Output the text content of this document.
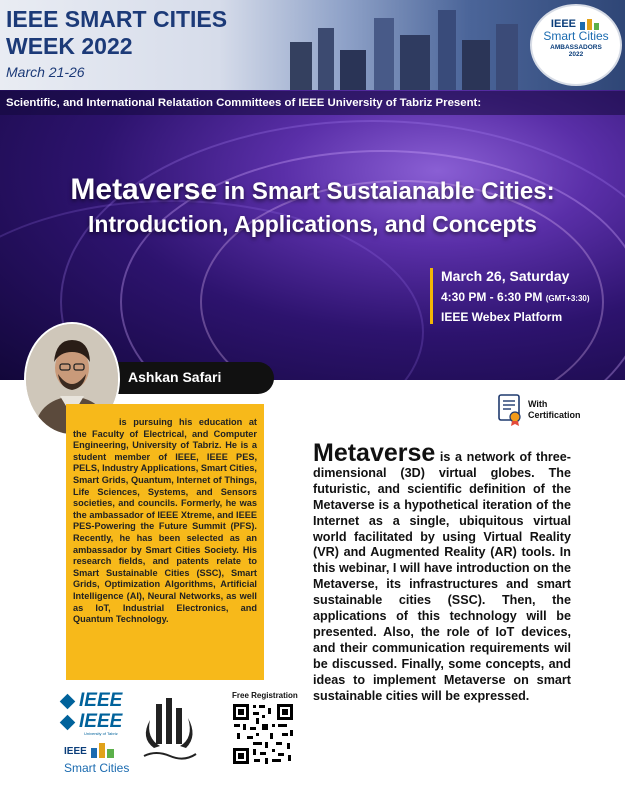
IEEE SMART CITIES
WEEK 2022
March 21-26
IEEE
Smart Cities
AMBASSADORS
2022
Scientific, and International Relatation Committees of IEEE University of Tabriz Present:
Metaverse in Smart Sustaianable Cities:
Introduction, Applications, and Concepts
March 26, Saturday
4:30 PM - 6:30 PM (GMT+3:30)
IEEE Webex Platform
Ashkan Safari
is pursuing his education at the Faculty of Electrical, and Computer Engineering, University of Tabriz. He is a student member of IEEE, IEEE PES, PELS, Industry Applications, Smart Cities, Smart Grids, Quantum, Internet of Things, Life Sciences, Systems, and Sensors societies, and councils. Formerly, he was the ambassador of IEEE Xtreme, and IEEE PES-Powering the Future Summit (PFS). Recently, he has been selected as an ambassador by Smart Cities Society. His research fields, and patents relate to Smart Sustainable Cities (SSC), Smart Grids, Optimization Algorithms, Artificial Intelligence (AI), Neural Networks, as well as IoT, Industrial Electronics, and Quantum Technology.
With
Certification
Metaverse is a network of three-dimensional (3D) virtual globes. The futuristic, and scientific definition of the Metaverse is a hypothetical iteration of the Internet as a single, ubiquitous virtual world facilitated by using Virtual Reality (VR) and Augmented Reality (AR) tools. In this webinar, I will have introduction on the Metaverse, its infrastructures and smart sustainable cities (SSC). Then, the applications of this technology will be presented. Also, the role of IoT devices, and their communication requirements wil be discussed. Finally, some concepts, and ideas to implement Metaverse on smart sustainable cities will be expressed.
IEEE
IEEE
University of Tabriz
IEEE
Smart Cities
Free Registration
